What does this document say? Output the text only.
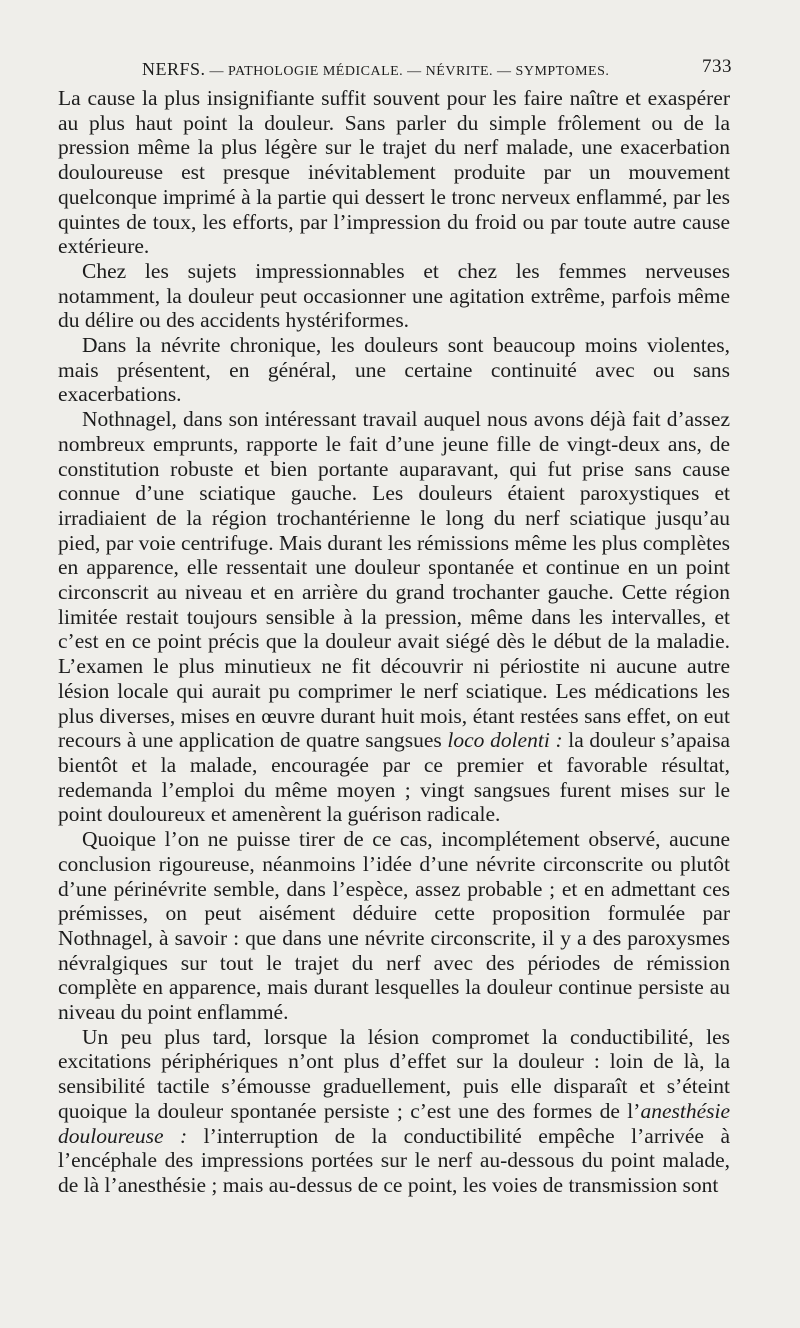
NERFS. — PATHOLOGIE MÉDICALE. — NÉVRITE. — SYMPTOMES.	733

La cause la plus insignifiante suffit souvent pour les faire naître et exaspérer au plus haut point la douleur. Sans parler du simple frôlement ou de la pression même la plus légère sur le trajet du nerf malade, une exacerbation douloureuse est presque inévitablement produite par un mouvement quelconque imprimé à la partie qui dessert le tronc nerveux enflammé, par les quintes de toux, les efforts, par l’impression du froid ou par toute autre cause extérieure.

Chez les sujets impressionnables et chez les femmes nerveuses notamment, la douleur peut occasionner une agitation extrême, parfois même du délire ou des accidents hystériformes.

Dans la névrite chronique, les douleurs sont beaucoup moins violentes, mais présentent, en général, une certaine continuité avec ou sans exacerbations.

Nothnagel, dans son intéressant travail auquel nous avons déjà fait d’assez nombreux emprunts, rapporte le fait d’une jeune fille de vingt-deux ans, de constitution robuste et bien portante auparavant, qui fut prise sans cause connue d’une sciatique gauche. Les douleurs étaient paroxystiques et irradiaient de la région trochantérienne le long du nerf sciatique jusqu’au pied, par voie centrifuge. Mais durant les rémissions même les plus complètes en apparence, elle ressentait une douleur spontanée et continue en un point circonscrit au niveau et en arrière du grand trochanter gauche. Cette région limitée restait toujours sensible à la pression, même dans les intervalles, et c’est en ce point précis que la douleur avait siégé dès le début de la maladie. L’examen le plus minutieux ne fit découvrir ni périostite ni aucune autre lésion locale qui aurait pu comprimer le nerf sciatique. Les médications les plus diverses, mises en œuvre durant huit mois, étant restées sans effet, on eut recours à une application de quatre sangsues loco dolenti : la douleur s’apaisa bientôt et la malade, encouragée par ce premier et favorable résultat, redemanda l’emploi du même moyen ; vingt sangsues furent mises sur le point douloureux et amenèrent la guérison radicale.

Quoique l’on ne puisse tirer de ce cas, incomplétement observé, aucune conclusion rigoureuse, néanmoins l’idée d’une névrite circonscrite ou plutôt d’une périnévrite semble, dans l’espèce, assez probable ; et en admettant ces prémisses, on peut aisément déduire cette proposition formulée par Nothnagel, à savoir : que dans une névrite circonscrite, il y a des paroxysmes névralgiques sur tout le trajet du nerf avec des périodes de rémission complète en apparence, mais durant lesquelles la douleur continue persiste au niveau du point enflammé.

Un peu plus tard, lorsque la lésion compromet la conductibilité, les excitations périphériques n’ont plus d’effet sur la douleur : loin de là, la sensibilité tactile s’émousse graduellement, puis elle disparaît et s’éteint quoique la douleur spontanée persiste ; c’est une des formes de l’anesthésie douloureuse : l’interruption de la conductibilité empêche l’arrivée à l’encéphale des impressions portées sur le nerf au-dessous du point malade, de là l’anesthésie ; mais au-dessus de ce point, les voies de transmission sont
